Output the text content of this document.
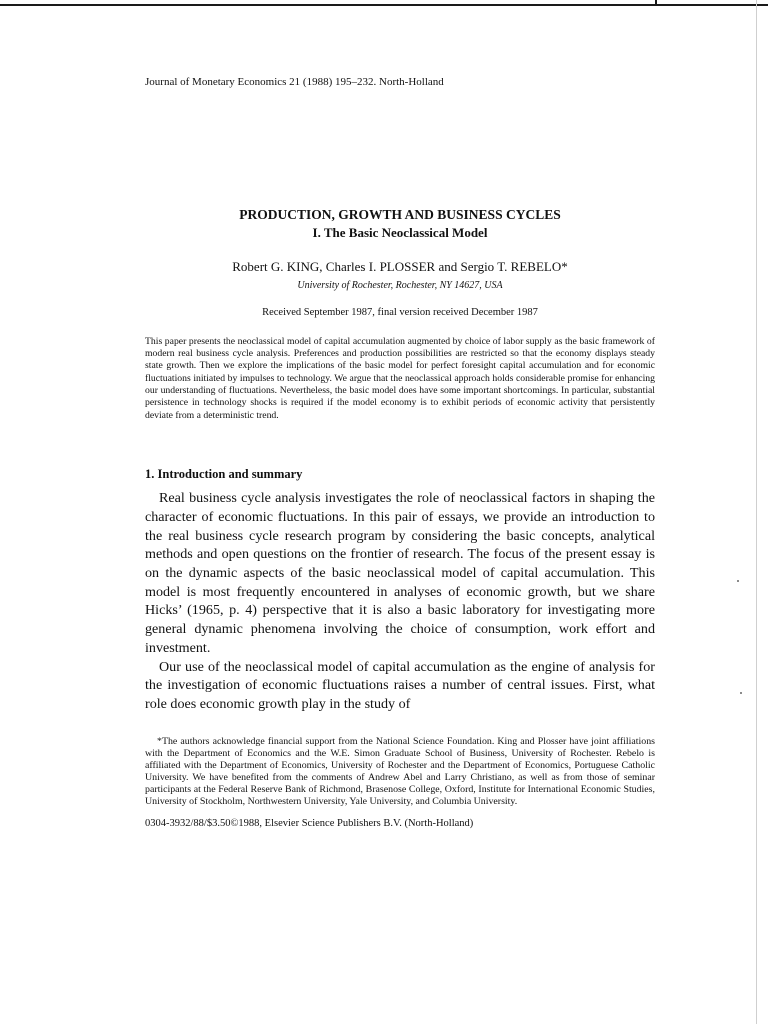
Journal of Monetary Economics 21 (1988) 195–232. North-Holland

PRODUCTION, GROWTH AND BUSINESS CYCLES
I. The Basic Neoclassical Model

Robert G. KING, Charles I. PLOSSER and Sergio T. REBELO*

University of Rochester, Rochester, NY 14627, USA

Received September 1987, final version received December 1987

This paper presents the neoclassical model of capital accumulation augmented by choice of labor supply as the basic framework of modern real business cycle analysis. Preferences and production possibilities are restricted so that the economy displays steady state growth. Then we explore the implications of the basic model for perfect foresight capital accumulation and for economic fluctuations initiated by impulses to technology. We argue that the neoclassical approach holds considerable promise for enhancing our understanding of fluctuations. Nevertheless, the basic model does have some important shortcomings. In particular, substantial persistence in technology shocks is required if the model economy is to exhibit periods of economic activity that persistently deviate from a deterministic trend.

1. Introduction and summary

Real business cycle analysis investigates the role of neoclassical factors in shaping the character of economic fluctuations. In this pair of essays, we provide an introduction to the real business cycle research program by considering the basic concepts, analytical methods and open questions on the frontier of research. The focus of the present essay is on the dynamic aspects of the basic neoclassical model of capital accumulation. This model is most frequently encountered in analyses of economic growth, but we share Hicks’ (1965, p. 4) perspective that it is also a basic laboratory for investigating more general dynamic phenomena involving the choice of consumption, work effort and investment.

Our use of the neoclassical model of capital accumulation as the engine of analysis for the investigation of economic fluctuations raises a number of central issues. First, what role does economic growth play in the study of

*The authors acknowledge financial support from the National Science Foundation. King and Plosser have joint affiliations with the Department of Economics and the W.E. Simon Graduate School of Business, University of Rochester. Rebelo is affiliated with the Department of Economics, University of Rochester and the Department of Economics, Portuguese Catholic University. We have benefited from the comments of Andrew Abel and Larry Christiano, as well as from those of seminar participants at the Federal Reserve Bank of Richmond, Brasenose College, Oxford, Institute for International Economic Studies, University of Stockholm, Northwestern University, Yale University, and Columbia University.

0304-3932/88/$3.50©1988, Elsevier Science Publishers B.V. (North-Holland)
